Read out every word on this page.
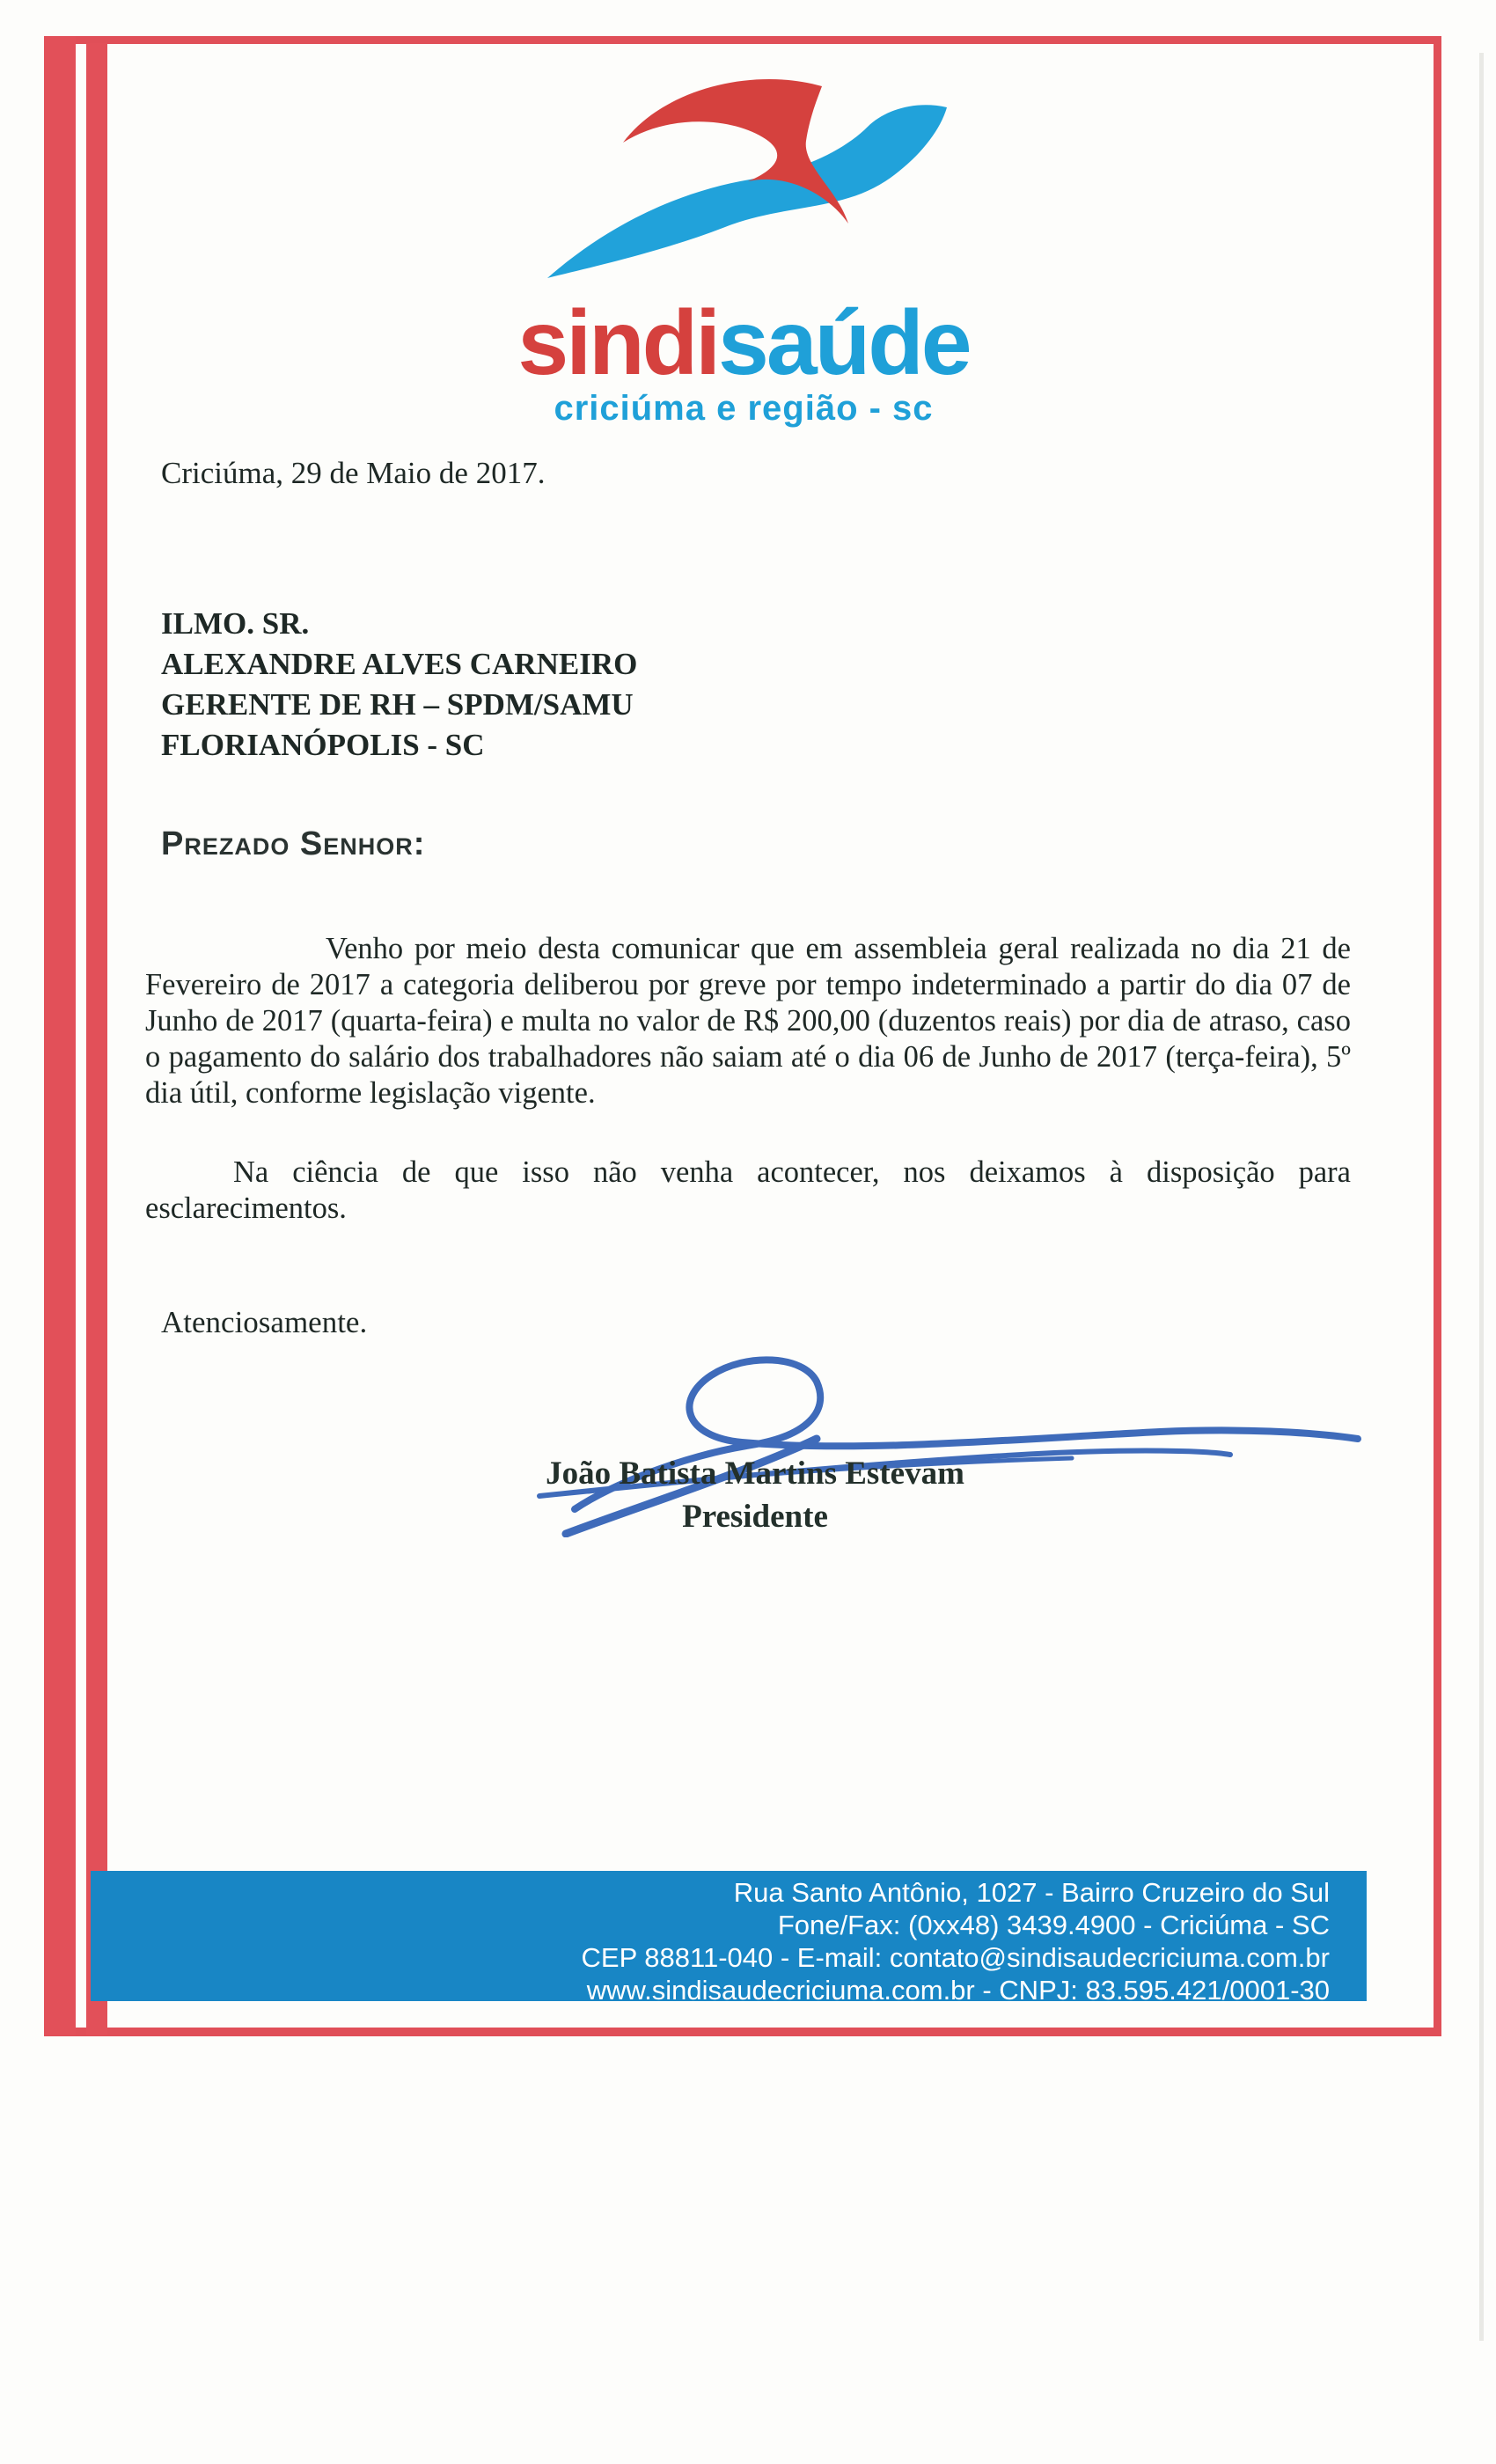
sindisaúde
criciúma e região - sc
Criciúma, 29 de Maio de 2017.
ILMO. SR.
ALEXANDRE ALVES CARNEIRO
GERENTE DE RH – SPDM/SAMU
FLORIANÓPOLIS - SC
Prezado Senhor:
Venho por meio desta comunicar que em assembleia geral realizada no dia 21 de Fevereiro de 2017 a categoria deliberou por greve por tempo indeterminado a partir do dia 07 de Junho de 2017 (quarta-feira) e multa no valor de R$ 200,00 (duzentos reais) por dia de atraso, caso o pagamento do salário dos trabalhadores não saiam até o dia 06 de Junho de 2017 (terça-feira), 5º dia útil, conforme legislação vigente.
Na ciência de que isso não venha acontecer, nos deixamos à disposição para esclarecimentos.
Atenciosamente.
João Batista Martins Estevam
Presidente
Rua Santo Antônio, 1027 - Bairro Cruzeiro do Sul
Fone/Fax: (0xx48) 3439.4900 - Criciúma - SC
CEP 88811-040 - E-mail: contato@sindisaudecriciuma.com.br
www.sindisaudecriciuma.com.br - CNPJ: 83.595.421/0001-30
